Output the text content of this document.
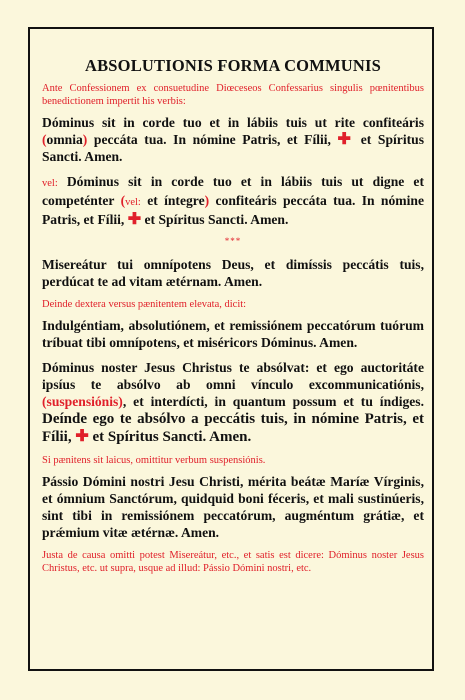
ABSOLUTIONIS FORMA COMMUNIS

Ante Confessionem ex consuetudine Diœceseos Confessarius singulis pœnitentibus benedictionem impertit his verbis:

Dóminus sit in corde tuo et in lábiis tuis ut rite confiteáris (omnia) peccáta tua. In nómine Patris, et Fílii, ✚ et Spíritus Sancti. Amen.

vel: Dóminus sit in corde tuo et in lábiis tuis ut digne et competénter (vel: et íntegre) confiteáris peccáta tua. In nómine Patris, et Fílii, ✚ et Spíritus Sancti. Amen.

***

Misereátur tui omnípotens Deus, et dimíssis peccátis tuis, perdúcat te ad vitam ætérnam. Amen.

Deinde dextera versus pænitentem elevata, dicit:

Indulgéntiam, absolutiónem, et remissiónem peccatórum tuórum tríbuat tibi omnípotens, et miséricors Dóminus. Amen.

Dóminus noster Jesus Christus te absólvat: et ego auctoritáte ipsíus te absólvo ab omni vínculo excommunicatiónis, (suspensiónis), et interdícti, in quantum possum et tu índiges. Deínde ego te absólvo a peccátis tuis, in nómine Patris, et Fílii, ✚ et Spíritus Sancti. Amen.

Si pænitens sit laicus, omittitur verbum suspensiónis.

Pássio Dómini nostri Jesu Christi, mérita beátæ Maríæ Vírginis, et ómnium Sanctórum, quidquid boni féceris, et mali sustinúeris, sint tibi in remissiónem peccatórum, augméntum grátiæ, et prǽmium vitæ ætérnæ. Amen.

Justa de causa omitti potest Misereátur, etc., et satis est dicere: Dóminus noster Jesus Christus, etc. ut supra, usque ad illud: Pássio Dómini nostri, etc.
